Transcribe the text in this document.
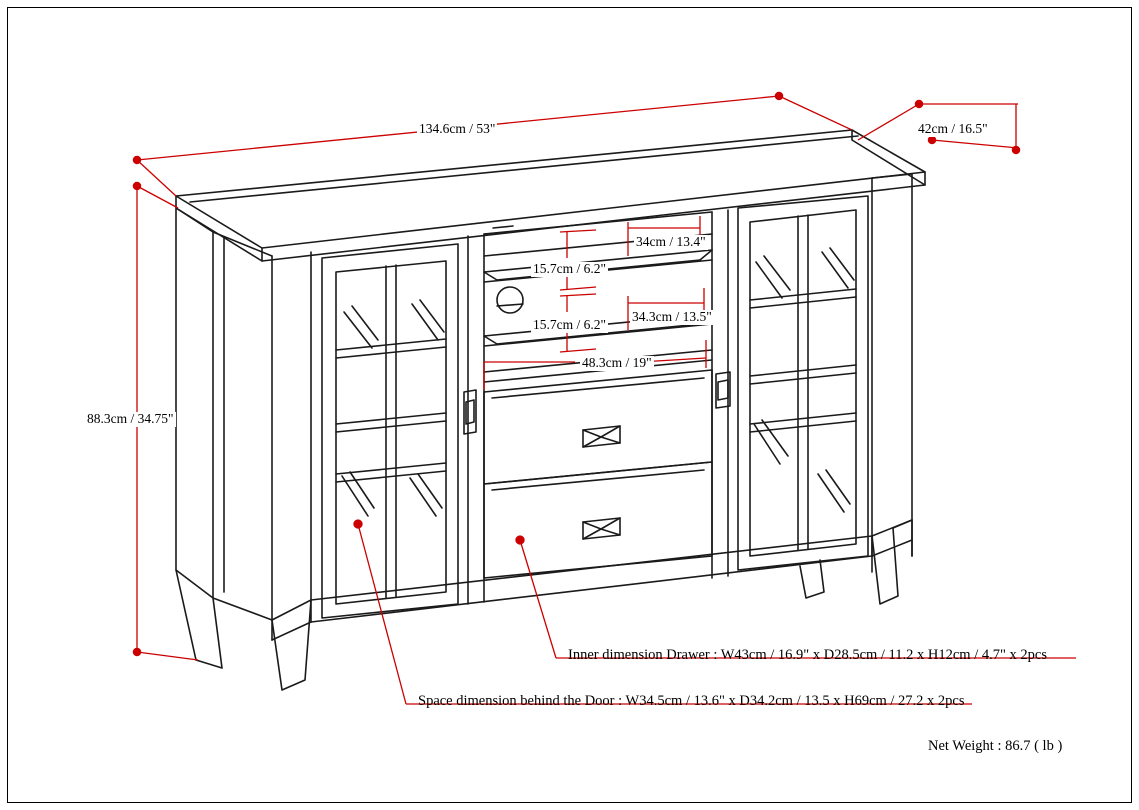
134.6cm / 53"	42cm / 16.5"
88.3cm / 34.75"
34cm / 13.4"
15.7cm / 6.2"
34.3cm / 13.5"
15.7cm / 6.2"
48.3cm / 19"
Inner dimension Drawer : W43cm / 16.9" x D28.5cm / 11.2 x H12cm / 4.7" x 2pcs
Space dimension behind the Door : W34.5cm / 13.6" x D34.2cm / 13.5 x H69cm / 27.2 x 2pcs
Net Weight : 86.7 ( lb )
